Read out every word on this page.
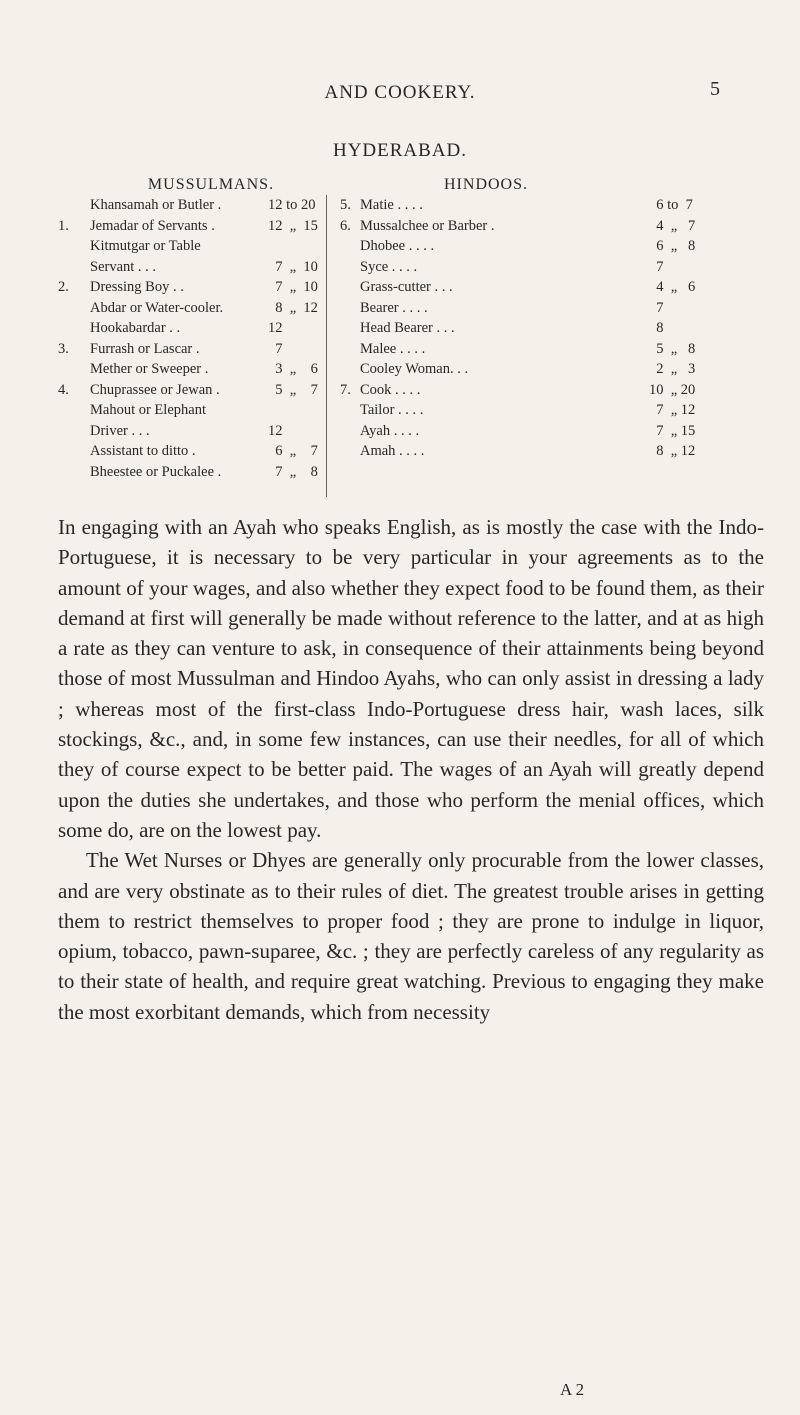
AND COOKERY.	5
HYDERABAD.
MUSSULMANS.	HINDOOS.
Khansamah or Butler .	12 to 20
1. Jemadar of Servants .	12  „  15
Kitmutgar or Table
Servant . . .	7  „  10
2. Dressing Boy . .	7  „  10
Abdar or Water-cooler.	8  „  12
Hookabardar . .	12
3. Furrash or Lascar .	7
Mether or Sweeper .	3  „    6
4. Chuprassee or Jewan .	5  „    7
Mahout or Elephant
Driver . . .	12
Assistant to ditto .	6  „    7
Bheestee or Puckalee .	7  „    8
5. Matie . . . .	6 to  7
6. Mussalchee or Barber .	4  „   7
Dhobee . . . .	6  „   8
Syce . . . .	7
Grass-cutter . . .	4  „   6
Bearer . . . .	7
Head Bearer . . .	8
Malee . . . .	5  „   8
Cooley Woman. . .	2  „   3
7. Cook . . . .	10  „ 20
Tailor . . . .	7  „ 12
Ayah . . . .	7  „ 15
Amah . . . .	8  „ 12

In engaging with an Ayah who speaks English, as is mostly the case with the Indo-Portuguese, it is necessary to be very particular in your agreements as to the amount of your wages, and also whether they expect food to be found them, as their demand at first will generally be made without reference to the latter, and at as high a rate as they can venture to ask, in consequence of their attainments being beyond those of most Mussulman and Hindoo Ayahs, who can only assist in dressing a lady ; whereas most of the first-class Indo-Portuguese dress hair, wash laces, silk stockings, &c., and, in some few instances, can use their needles, for all of which they of course expect to be better paid. The wages of an Ayah will greatly depend upon the duties she undertakes, and those who perform the menial offices, which some do, are on the lowest pay.

The Wet Nurses or Dhyes are generally only procurable from the lower classes, and are very obstinate as to their rules of diet. The greatest trouble arises in getting them to restrict themselves to proper food ; they are prone to indulge in liquor, opium, tobacco, pawn-suparee, &c. ; they are perfectly careless of any regularity as to their state of health, and require great watching. Previous to engaging they make the most exorbitant demands, which from necessity

A 2
